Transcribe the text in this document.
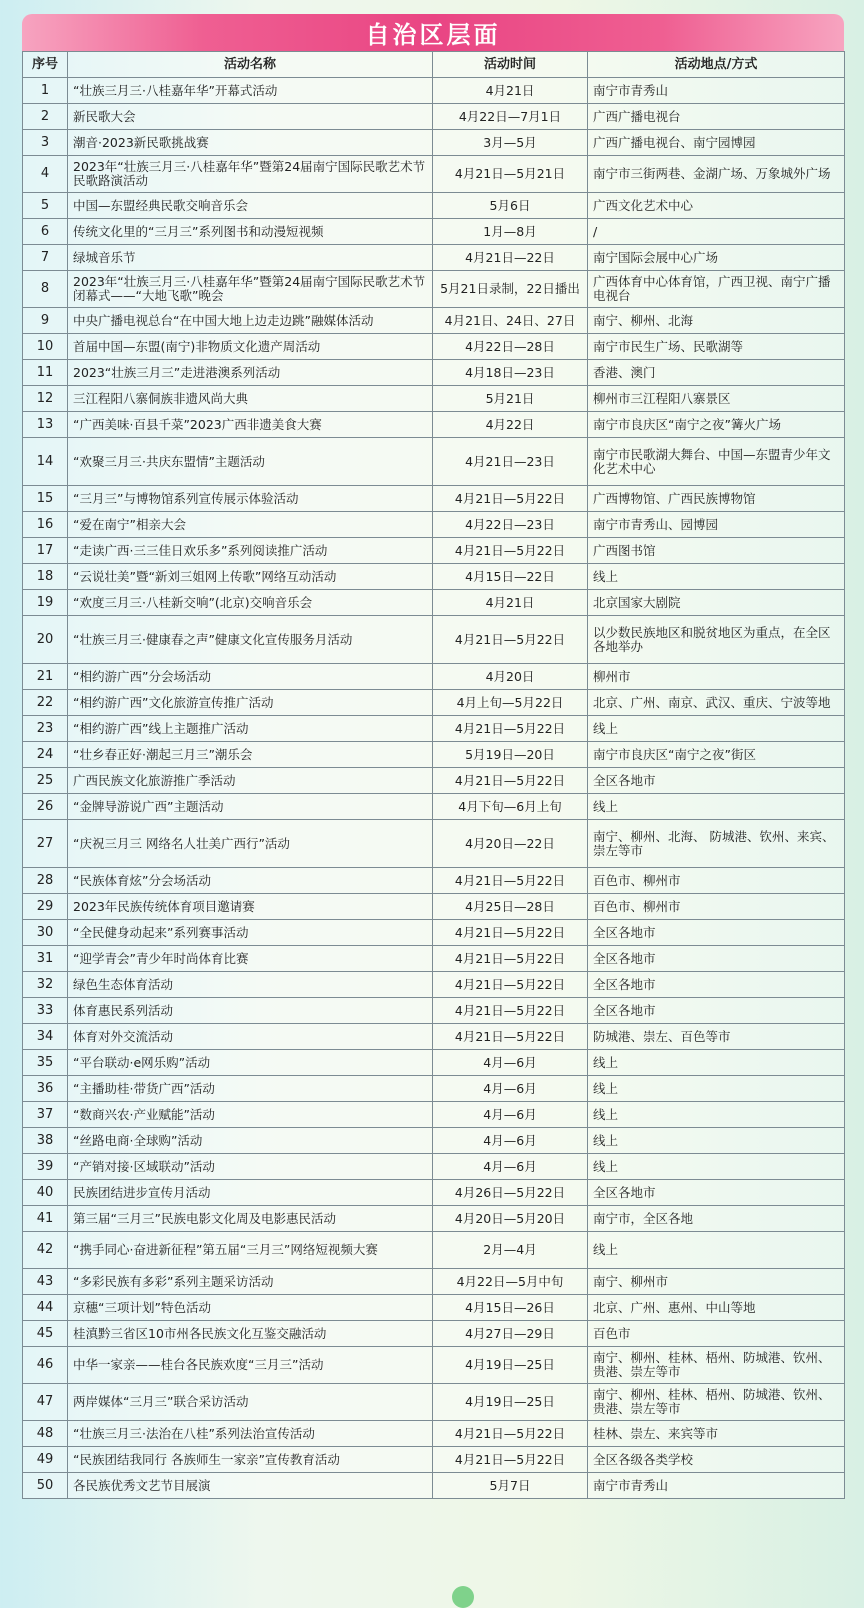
自治区层面
序号	活动名称	活动时间	活动地点/方式
1	“壮族三月三·八桂嘉年华”开幕式活动	4月21日	南宁市青秀山
2	新民歌大会	4月22日—7月1日	广西广播电视台
3	潮音·2023新民歌挑战赛	3月—5月	广西广播电视台、南宁园博园
4	2023年“壮族三月三·八桂嘉年华”暨第24届南宁国际民歌艺术节民歌路演活动	4月21日—5月21日	南宁市三街两巷、金湖广场、万象城外广场
5	中国—东盟经典民歌交响音乐会	5月6日	广西文化艺术中心
6	传统文化里的“三月三”系列图书和动漫短视频	1月—8月	/
7	绿城音乐节	4月21日—22日	南宁国际会展中心广场
8	2023年“壮族三月三·八桂嘉年华”暨第24届南宁国际民歌艺术节闭幕式——“大地飞歌”晚会	5月21日录制，22日播出	广西体育中心体育馆，广西卫视、南宁广播电视台
9	中央广播电视总台“在中国大地上边走边跳”融媒体活动	4月21日、24日、27日	南宁、柳州、北海
10	首届中国—东盟(南宁)非物质文化遗产周活动	4月22日—28日	南宁市民生广场、民歌湖等
11	2023“壮族三月三”走进港澳系列活动	4月18日—23日	香港、澳门
12	三江程阳八寨侗族非遗风尚大典	5月21日	柳州市三江程阳八寨景区
13	“广西美味·百县千菜”2023广西非遗美食大赛	4月22日	南宁市良庆区“南宁之夜”篝火广场
14	“欢聚三月三·共庆东盟情”主题活动	4月21日—23日	南宁市民歌湖大舞台、中国—东盟青少年文化艺术中心
15	“三月三”与博物馆系列宣传展示体验活动	4月21日—5月22日	广西博物馆、广西民族博物馆
16	“爱在南宁”相亲大会	4月22日—23日	南宁市青秀山、园博园
17	“走读广西·三三佳日欢乐多”系列阅读推广活动	4月21日—5月22日	广西图书馆
18	“云说壮美”暨“新刘三姐网上传歌”网络互动活动	4月15日—22日	线上
19	“欢度三月三·八桂新交响”(北京)交响音乐会	4月21日	北京国家大剧院
20	“壮族三月三·健康春之声”健康文化宣传服务月活动	4月21日—5月22日	以少数民族地区和脱贫地区为重点，在全区各地举办
21	“相约游广西”分会场活动	4月20日	柳州市
22	“相约游广西”文化旅游宣传推广活动	4月上旬—5月22日	北京、广州、南京、武汉、重庆、宁波等地
23	“相约游广西”线上主题推广活动	4月21日—5月22日	线上
24	“壮乡春正好·潮起三月三”潮乐会	5月19日—20日	南宁市良庆区“南宁之夜”街区
25	广西民族文化旅游推广季活动	4月21日—5月22日	全区各地市
26	“金牌导游说广西”主题活动	4月下旬—6月上旬	线上
27	“庆祝三月三 网络名人壮美广西行”活动	4月20日—22日	南宁、柳州、北海、 防城港、钦州、来宾、崇左等市
28	“民族体育炫”分会场活动	4月21日—5月22日	百色市、柳州市
29	2023年民族传统体育项目邀请赛	4月25日—28日	百色市、柳州市
30	“全民健身动起来”系列赛事活动	4月21日—5月22日	全区各地市
31	“迎学青会”青少年时尚体育比赛	4月21日—5月22日	全区各地市
32	绿色生态体育活动	4月21日—5月22日	全区各地市
33	体育惠民系列活动	4月21日—5月22日	全区各地市
34	体育对外交流活动	4月21日—5月22日	防城港、崇左、百色等市
35	“平台联动·e网乐购”活动	4月—6月	线上
36	“主播助桂·带货广西”活动	4月—6月	线上
37	“数商兴农·产业赋能”活动	4月—6月	线上
38	“丝路电商·全球购”活动	4月—6月	线上
39	“产销对接·区域联动”活动	4月—6月	线上
40	民族团结进步宣传月活动	4月26日—5月22日	全区各地市
41	第三届“三月三”民族电影文化周及电影惠民活动	4月20日—5月20日	南宁市，全区各地
42	“携手同心·奋进新征程”第五届“三月三”网络短视频大赛	2月—4月	线上
43	“多彩民族有多彩”系列主题采访活动	4月22日—5月中旬	南宁、柳州市
44	京穗“三项计划”特色活动	4月15日—26日	北京、广州、惠州、中山等地
45	桂滇黔三省区10市州各民族文化互鉴交融活动	4月27日—29日	百色市
46	中华一家亲——桂台各民族欢度“三月三”活动	4月19日—25日	南宁、柳州、桂林、梧州、防城港、钦州、贵港、崇左等市
47	两岸媒体“三月三”联合采访活动	4月19日—25日	南宁、柳州、桂林、梧州、防城港、钦州、贵港、崇左等市
48	“壮族三月三·法治在八桂”系列法治宣传活动	4月21日—5月22日	桂林、崇左、来宾等市
49	“民族团结我同行 各族师生一家亲”宣传教育活动	4月21日—5月22日	全区各级各类学校
50	各民族优秀文艺节目展演	5月7日	南宁市青秀山
